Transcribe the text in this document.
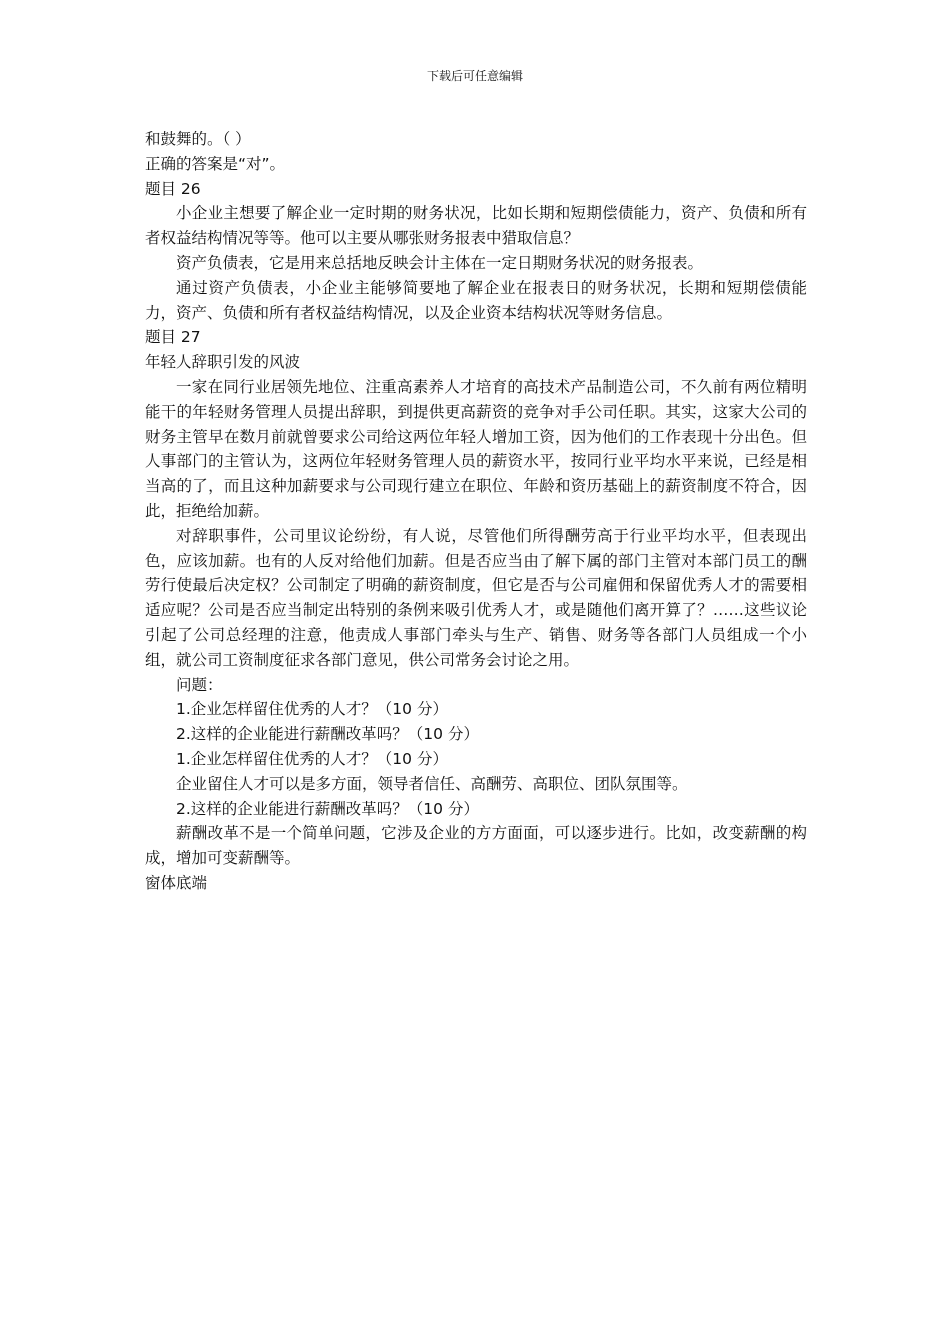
下载后可任意编辑
和鼓舞的。（ ）
正确的答案是“对”。
题目 26
小企业主想要了解企业一定时期的财务状况，比如长期和短期偿债能力，资产、负债和所有者权益结构情况等等。他可以主要从哪张财务报表中猎取信息？
资产负债表，它是用来总括地反映会计主体在一定日期财务状况的财务报表。
通过资产负债表，小企业主能够简要地了解企业在报表日的财务状况，长期和短期偿债能力，资产、负债和所有者权益结构情况，以及企业资本结构状况等财务信息。
题目 27
年轻人辞职引发的风波
一家在同行业居领先地位、注重高素养人才培育的高技术产品制造公司，不久前有两位精明能干的年轻财务管理人员提出辞职，到提供更高薪资的竞争对手公司任职。其实，这家大公司的财务主管早在数月前就曾要求公司给这两位年轻人增加工资，因为他们的工作表现十分出色。但人事部门的主管认为，这两位年轻财务管理人员的薪资水平，按同行业平均水平来说，已经是相当高的了，而且这种加薪要求与公司现行建立在职位、年龄和资历基础上的薪资制度不符合，因此，拒绝给加薪。
对辞职事件，公司里议论纷纷，有人说，尽管他们所得酬劳高于行业平均水平，但表现出色，应该加薪。也有的人反对给他们加薪。但是否应当由了解下属的部门主管对本部门员工的酬劳行使最后决定权？公司制定了明确的薪资制度，但它是否与公司雇佣和保留优秀人才的需要相适应呢？公司是否应当制定出特别的条例来吸引优秀人才，或是随他们离开算了？……这些议论引起了公司总经理的注意，他责成人事部门牵头与生产、销售、财务等各部门人员组成一个小组，就公司工资制度征求各部门意见，供公司常务会讨论之用。
问题：
1.企业怎样留住优秀的人才？（10 分）
2.这样的企业能进行薪酬改革吗？（10 分）
1.企业怎样留住优秀的人才？（10 分）
企业留住人才可以是多方面，领导者信任、高酬劳、高职位、团队氛围等。
2.这样的企业能进行薪酬改革吗？（10 分）
薪酬改革不是一个简单问题，它涉及企业的方方面面，可以逐步进行。比如，改变薪酬的构成，增加可变薪酬等。
窗体底端
